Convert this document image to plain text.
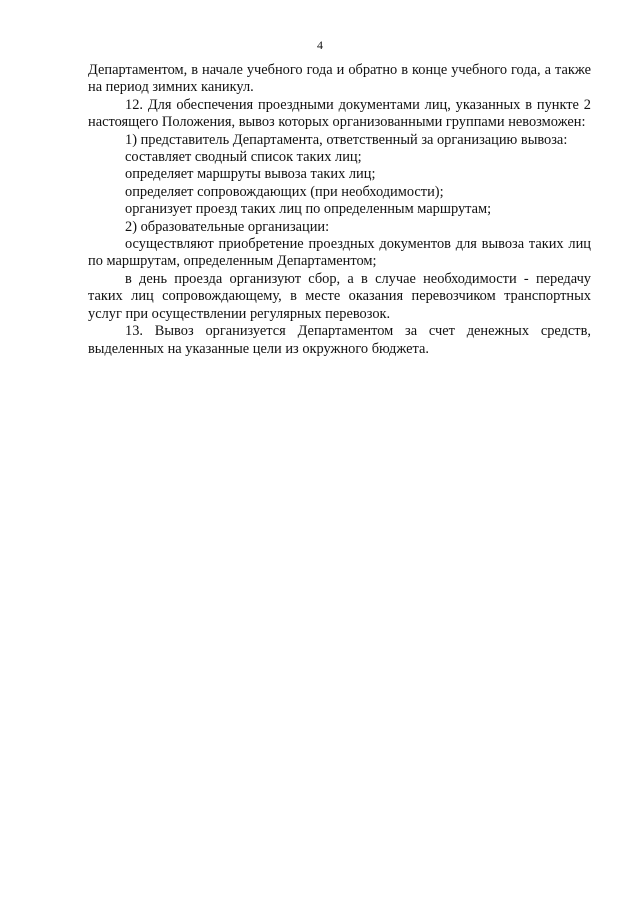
4

Департаментом, в начале учебного года и обратно в конце учебного года, а также на период зимних каникул.

12. Для обеспечения проездными документами лиц, указанных в пункте 2 настоящего Положения, вывоз которых организованными группами невозможен:

1) представитель Департамента, ответственный за организацию вывоза:

составляет сводный список таких лиц;

определяет маршруты вывоза таких лиц;

определяет сопровождающих (при необходимости);

организует проезд таких лиц по определенным маршрутам;

2) образовательные организации:

осуществляют приобретение проездных документов для вывоза таких лиц по маршрутам, определенным Департаментом;

в день проезда организуют сбор, а в случае необходимости - передачу таких лиц сопровождающему, в месте оказания перевозчиком транспортных услуг при осуществлении регулярных перевозок.

13. Вывоз организуется Департаментом за счет денежных средств, выделенных на указанные цели из окружного бюджета.
